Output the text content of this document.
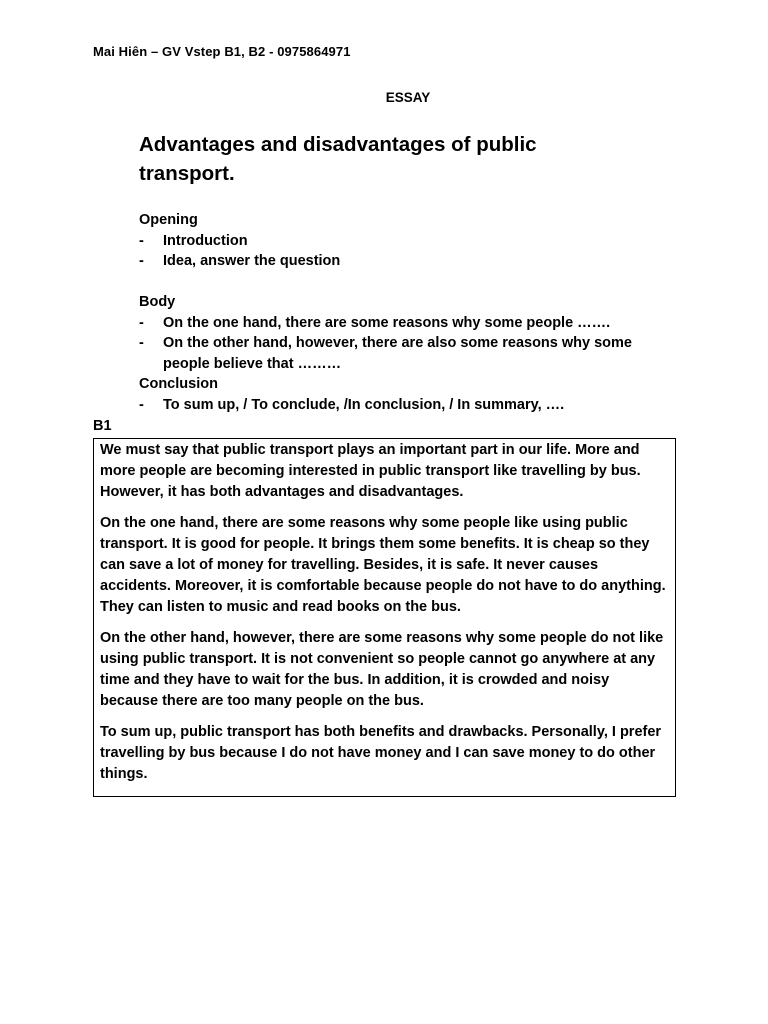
Mai Hiên – GV Vstep B1, B2 - 0975864971
ESSAY
Advantages and disadvantages of public transport.
Opening
- Introduction
- Idea, answer the question
Body
- On the one hand, there are some reasons why some people …….
- On the other hand, however, there are also some reasons why some people believe that ………
Conclusion
- To sum up, / To conclude, /In conclusion, / In summary, ….
B1

We must say that public transport plays an important part in our life. More and more people are becoming interested in public transport like travelling by bus. However, it has both advantages and disadvantages.

On the one hand, there are some reasons why some people like using public transport. It is good for people. It brings them some benefits. It is cheap so they can save a lot of money for travelling. Besides, it is safe. It never causes accidents. Moreover, it is comfortable because people do not have to do anything. They can listen to music and read books on the bus.

On the other hand, however, there are some reasons why some people do not like using public transport. It is not convenient so people cannot go anywhere at any time and they have to wait for the bus. In addition, it is crowded and noisy because there are too many people on the bus.

To sum up, public transport has both benefits and drawbacks. Personally, I prefer travelling by bus because I do not have money and I can save money to do other things.
